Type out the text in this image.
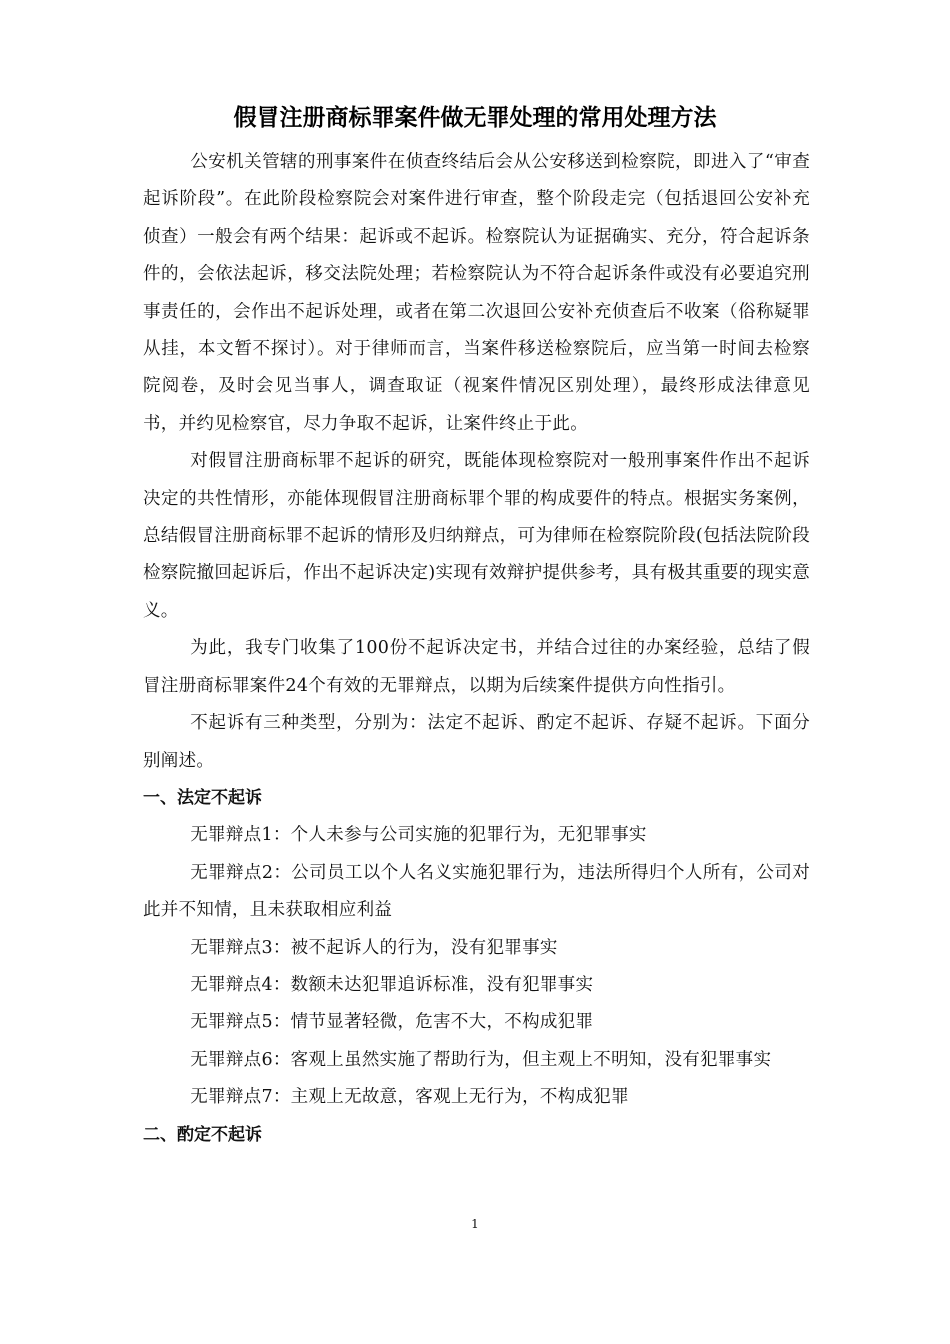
假冒注册商标罪案件做无罪处理的常用处理方法

公安机关管辖的刑事案件在侦查终结后会从公安移送到检察院，即进入了“审查起诉阶段”。在此阶段检察院会对案件进行审查，整个阶段走完（包括退回公安补充侦查）一般会有两个结果：起诉或不起诉。检察院认为证据确实、充分，符合起诉条件的，会依法起诉，移交法院处理；若检察院认为不符合起诉条件或没有必要追究刑事责任的，会作出不起诉处理，或者在第二次退回公安补充侦查后不收案（俗称疑罪从挂，本文暂不探讨）。对于律师而言，当案件移送检察院后，应当第一时间去检察院阅卷，及时会见当事人，调查取证（视案件情况区别处理），最终形成法律意见书，并约见检察官，尽力争取不起诉，让案件终止于此。

对假冒注册商标罪不起诉的研究，既能体现检察院对一般刑事案件作出不起诉决定的共性情形，亦能体现假冒注册商标罪个罪的构成要件的特点。根据实务案例，总结假冒注册商标罪不起诉的情形及归纳辩点，可为律师在检察院阶段(包括法院阶段检察院撤回起诉后，作出不起诉决定)实现有效辩护提供参考，具有极其重要的现实意义。

为此，我专门收集了100份不起诉决定书，并结合过往的办案经验，总结了假冒注册商标罪案件24个有效的无罪辩点，以期为后续案件提供方向性指引。

不起诉有三种类型，分别为：法定不起诉、酌定不起诉、存疑不起诉。下面分别阐述。

一、法定不起诉

无罪辩点1：个人未参与公司实施的犯罪行为，无犯罪事实

无罪辩点2：公司员工以个人名义实施犯罪行为，违法所得归个人所有，公司对此并不知情，且未获取相应利益

无罪辩点3：被不起诉人的行为，没有犯罪事实

无罪辩点4：数额未达犯罪追诉标准，没有犯罪事实

无罪辩点5：情节显著轻微，危害不大，不构成犯罪

无罪辩点6：客观上虽然实施了帮助行为，但主观上不明知，没有犯罪事实

无罪辩点7：主观上无故意，客观上无行为，不构成犯罪

二、酌定不起诉

1
